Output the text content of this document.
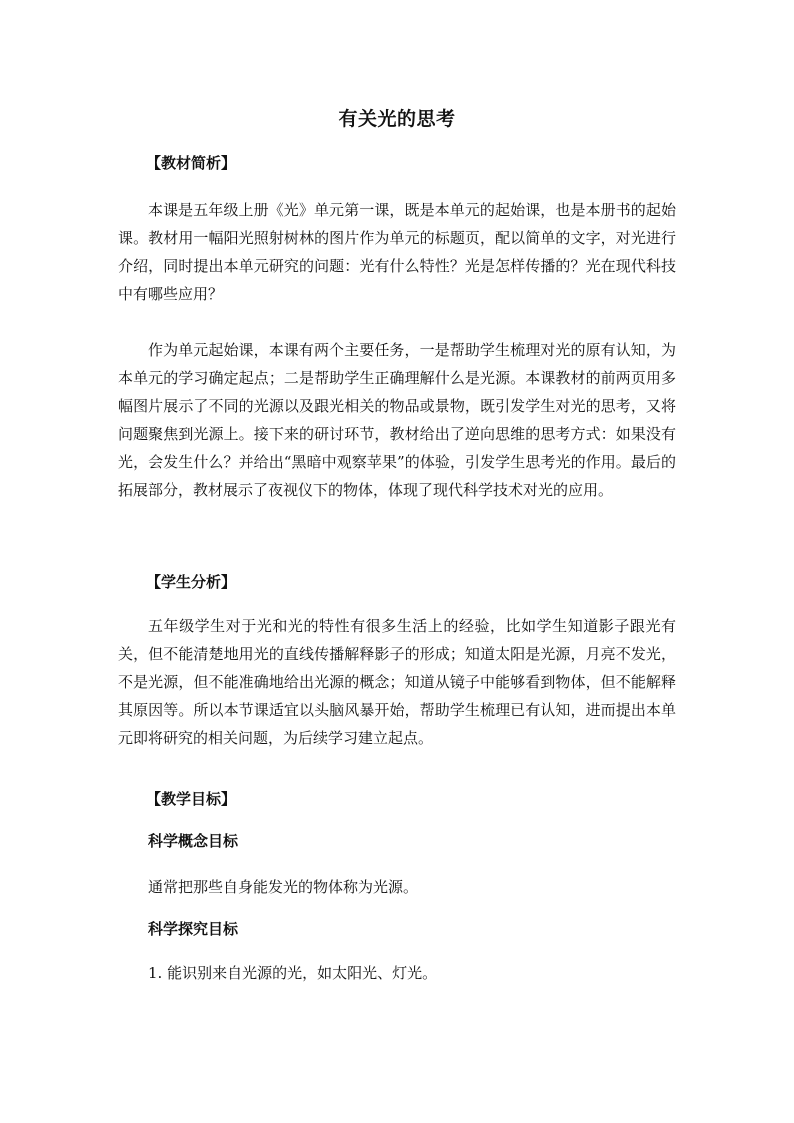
有关光的思考
【教材简析】

本课是五年级上册《光》单元第一课，既是本单元的起始课，也是本册书的起始课。教材用一幅阳光照射树林的图片作为单元的标题页，配以简单的文字，对光进行介绍，同时提出本单元研究的问题：光有什么特性？光是怎样传播的？光在现代科技中有哪些应用？

作为单元起始课，本课有两个主要任务，一是帮助学生梳理对光的原有认知，为本单元的学习确定起点；二是帮助学生正确理解什么是光源。本课教材的前两页用多幅图片展示了不同的光源以及跟光相关的物品或景物，既引发学生对光的思考，又将问题聚焦到光源上。接下来的研讨环节，教材给出了逆向思维的思考方式：如果没有光，会发生什么？并给出“黑暗中观察苹果”的体验，引发学生思考光的作用。最后的拓展部分，教材展示了夜视仪下的物体，体现了现代科学技术对光的应用。

【学生分析】

五年级学生对于光和光的特性有很多生活上的经验，比如学生知道影子跟光有关，但不能清楚地用光的直线传播解释影子的形成；知道太阳是光源，月亮不发光，不是光源，但不能准确地给出光源的概念；知道从镜子中能够看到物体，但不能解释其原因等。所以本节课适宜以头脑风暴开始，帮助学生梳理已有认知，进而提出本单元即将研究的相关问题，为后续学习建立起点。

【教学目标】
科学概念目标
通常把那些自身能发光的物体称为光源。
科学探究目标
1. 能识别来自光源的光，如太阳光、灯光。
